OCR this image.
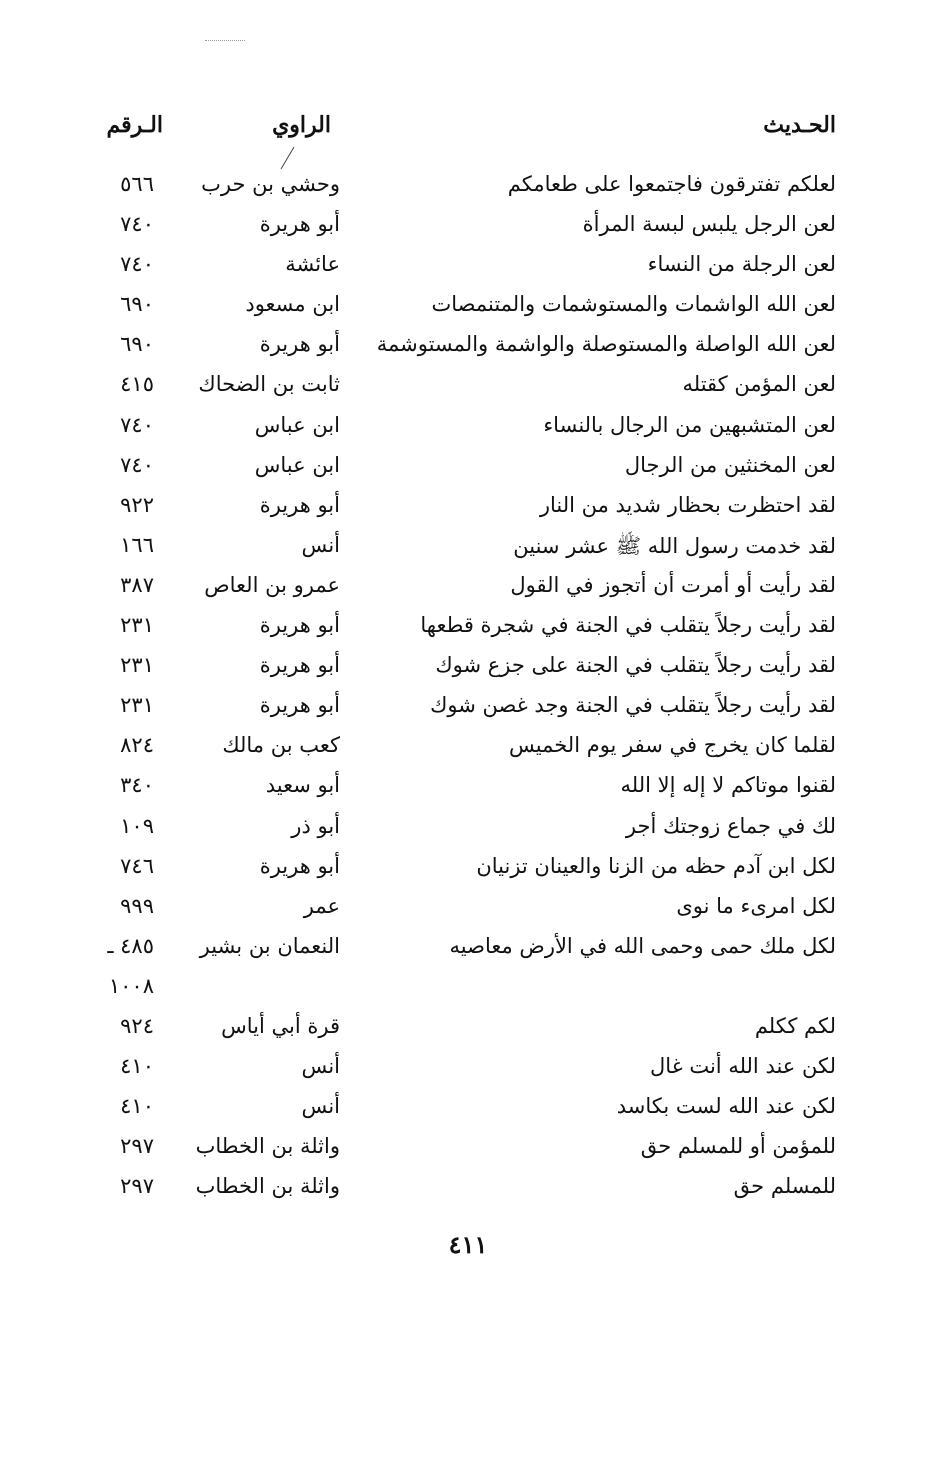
الحـديث
الراوي
الـرقم
لعلكم تفترقون فاجتمعوا على طعامكم
وحشي بن حرب
٥٦٦
لعن الرجل يلبس لبسة المرأة
أبو هريرة
٧٤٠
لعن الرجلة من النساء
عائشة
٧٤٠
لعن الله الواشمات والمستوشمات والمتنمصات
ابن مسعود
٦٩٠
لعن الله الواصلة والمستوصلة والواشمة والمستوشمة
أبو هريرة
٦٩٠
لعن المؤمن كقتله
ثابت بن الضحاك
٤١٥
لعن المتشبهين من الرجال بالنساء
ابن عباس
٧٤٠
لعن المخنثين من الرجال
ابن عباس
٧٤٠
لقد احتظرت بحظار شديد من النار
أبو هريرة
٩٢٢
لقد خدمت رسول الله ﷺ عشر سنين
أنس
١٦٦
لقد رأيت أو أمرت أن أتجوز في القول
عمرو بن العاص
٣٨٧
لقد رأيت رجلاً يتقلب في الجنة في شجرة قطعها
أبو هريرة
٢٣١
لقد رأيت رجلاً يتقلب في الجنة على جزع شوك
أبو هريرة
٢٣١
لقد رأيت رجلاً يتقلب في الجنة وجد غصن شوك
أبو هريرة
٢٣١
لقلما كان يخرج في سفر يوم الخميس
كعب بن مالك
٨٢٤
لقنوا موتاكم لا إله إلا الله
أبو سعيد
٣٤٠
لك في جماع زوجتك أجر
أبو ذر
١٠٩
لكل ابن آدم حظه من الزنا والعينان تزنيان
أبو هريرة
٧٤٦
لكل امرىء ما نوى
عمر
٩٩٩
لكل ملك حمى وحمى الله في الأرض معاصيه
النعمان بن بشير
٤٨٥ ـ
١٠٠٨
لكم ككلم
قرة أبي أياس
٩٢٤
لكن عند الله أنت غال
أنس
٤١٠
لكن عند الله لست بكاسد
أنس
٤١٠
للمؤمن أو للمسلم حق
واثلة بن الخطاب
٢٩٧
للمسلم حق
واثلة بن الخطاب
٢٩٧
٤١١
